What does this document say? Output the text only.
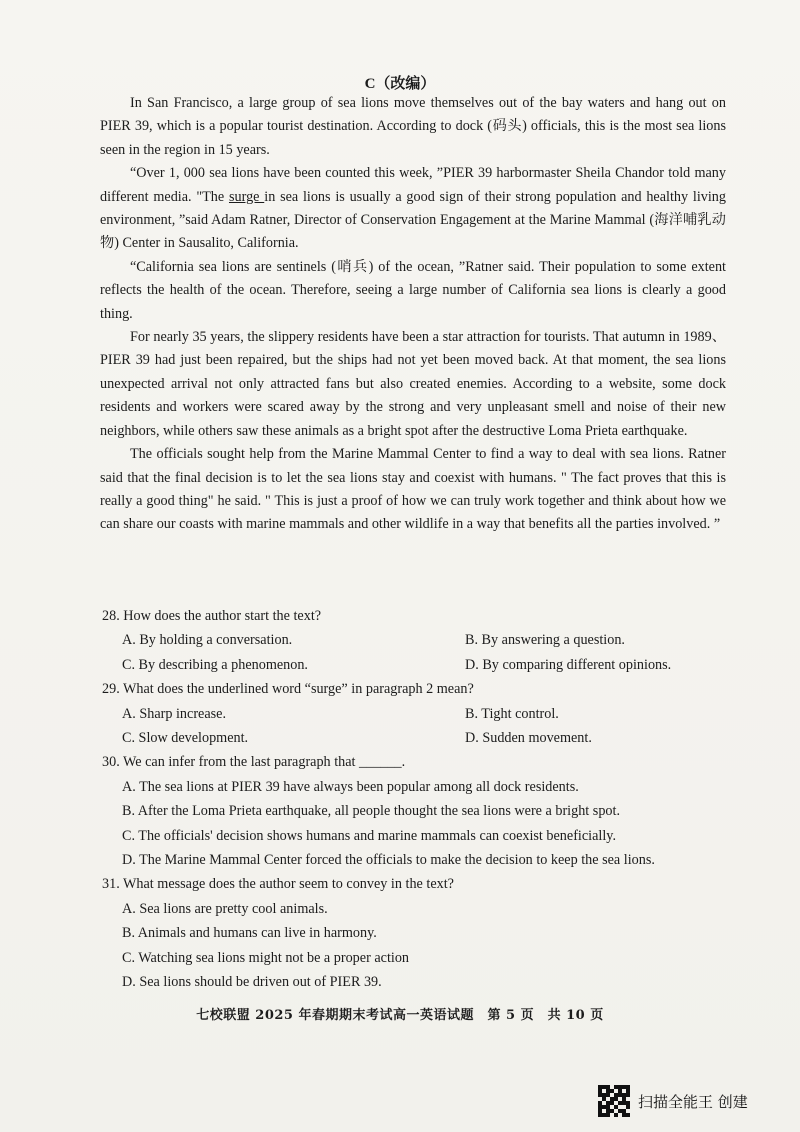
C（改编）

In San Francisco, a large group of sea lions move themselves out of the bay waters and hang out on PIER 39, which is a popular tourist destination. According to dock (码头) officials, this is the most sea lions seen in the region in 15 years.

“Over 1, 000 sea lions have been counted this week, ”PIER 39 harbormaster Sheila Chandor told many different media. "The surge in sea lions is usually a good sign of their strong population and healthy living environment, ”said Adam Ratner, Director of Conservation Engagement at the Marine Mammal (海洋哺乳动物) Center in Sausalito, California.

“California sea lions are sentinels (哨兵) of the ocean, ”Ratner said. Their population to some extent reflects the health of the ocean. Therefore, seeing a large number of California sea lions is clearly a good thing.

For nearly 35 years, the slippery residents have been a star attraction for tourists. That autumn in 1989、 PIER 39 had just been repaired, but the ships had not yet been moved back. At that moment, the sea lions unexpected arrival not only attracted fans but also created enemies. According to a website, some dock residents and workers were scared away by the strong and very unpleasant smell and noise of their new neighbors, while others saw these animals as a bright spot after the destructive Loma Prieta earthquake.

The officials sought help from the Marine Mammal Center to find a way to deal with sea lions. Ratner said that the final decision is to let the sea lions stay and coexist with humans. " The fact proves that this is really a good thing" he said. " This is just a proof of how we can truly work together and think about how we can share our coasts with marine mammals and other wildlife in a way that benefits all the parties involved. ”

28. How does the author start the text?

A. By holding a conversation.	B. By answering a question.

C. By describing a phenomenon.	D. By comparing different opinions.

29. What does the underlined word “surge” in paragraph 2 mean?

A. Sharp increase.	B. Tight control.

C. Slow development.	D. Sudden movement.

30. We can infer from the last paragraph that ______.

A. The sea lions at PIER 39 have always been popular among all dock residents.

B. After the Loma Prieta earthquake, all people thought the sea lions were a bright spot.

C. The officials' decision shows humans and marine mammals can coexist beneficially.

D. The Marine Mammal Center forced the officials to make the decision to keep the sea lions.

31. What message does the author seem to convey in the text?

A. Sea lions are pretty cool animals.

B. Animals and humans can live in harmony.

C. Watching sea lions might not be a proper action

D. Sea lions should be driven out of PIER 39.

七校联盟 2025 年春期期末考试高一英语试题　第 5 页　共 10 页
扫描全能王 创建
